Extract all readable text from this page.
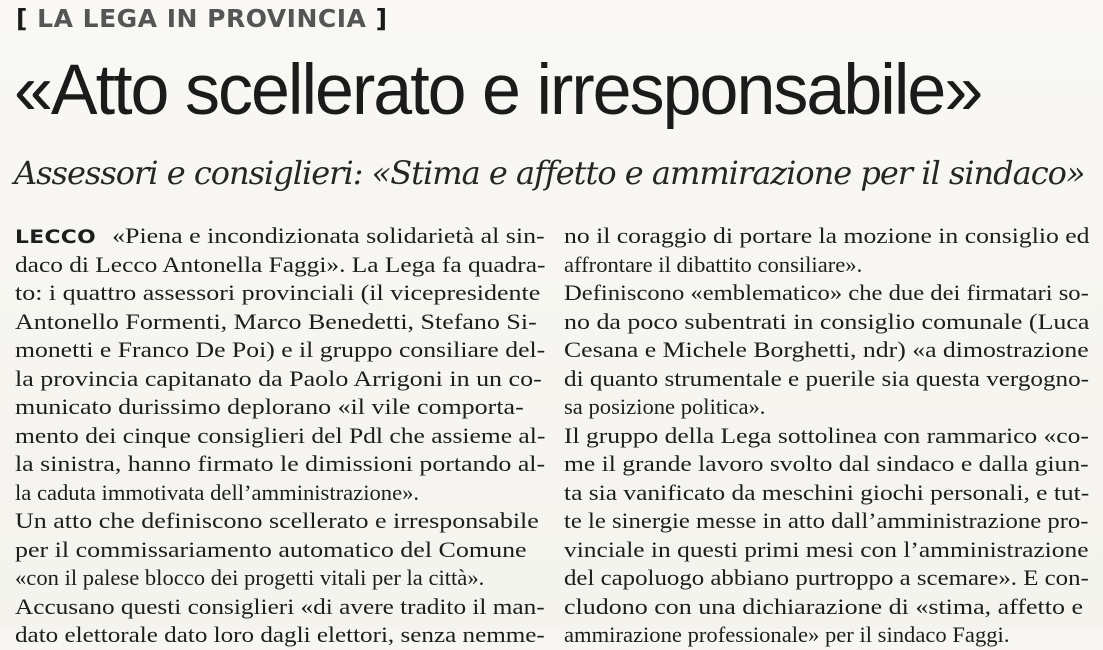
[ LA LEGA IN PROVINCIA ]
«Atto scellerato e irresponsabile»
Assessori e consiglieri: «Stima e affetto e ammirazione per il sindaco»
LECCO «Piena e incondizionata solidarietà al sin-
daco di Lecco Antonella Faggi». La Lega fa quadra-
to: i quattro assessori provinciali (il vicepresidente
Antonello Formenti, Marco Benedetti, Stefano Si-
monetti e Franco De Poi) e il gruppo consiliare del-
la provincia capitanato da Paolo Arrigoni in un co-
municato durissimo deplorano «il vile comporta-
mento dei cinque consiglieri del Pdl che assieme al-
la sinistra, hanno firmato le dimissioni portando al-
la caduta immotivata dell’amministrazione».
Un atto che definiscono scellerato e irresponsabile
per il commissariamento automatico del Comune
«con il palese blocco dei progetti vitali per la città».
Accusano questi consiglieri «di avere tradito il man-
dato elettorale dato loro dagli elettori, senza nemme-
no il coraggio di portare la mozione in consiglio ed
affrontare il dibattito consiliare».
Definiscono «emblematico» che due dei firmatari so-
no da poco subentrati in consiglio comunale (Luca
Cesana e Michele Borghetti, ndr) «a dimostrazione
di quanto strumentale e puerile sia questa vergogno-
sa posizione politica».
Il gruppo della Lega sottolinea con rammarico «co-
me il grande lavoro svolto dal sindaco e dalla giun-
ta sia vanificato da meschini giochi personali, e tut-
te le sinergie messe in atto dall’amministrazione pro-
vinciale in questi primi mesi con l’amministrazione
del capoluogo abbiano purtroppo a scemare». E con-
cludono con una dichiarazione di «stima, affetto e
ammirazione professionale» per il sindaco Faggi.
